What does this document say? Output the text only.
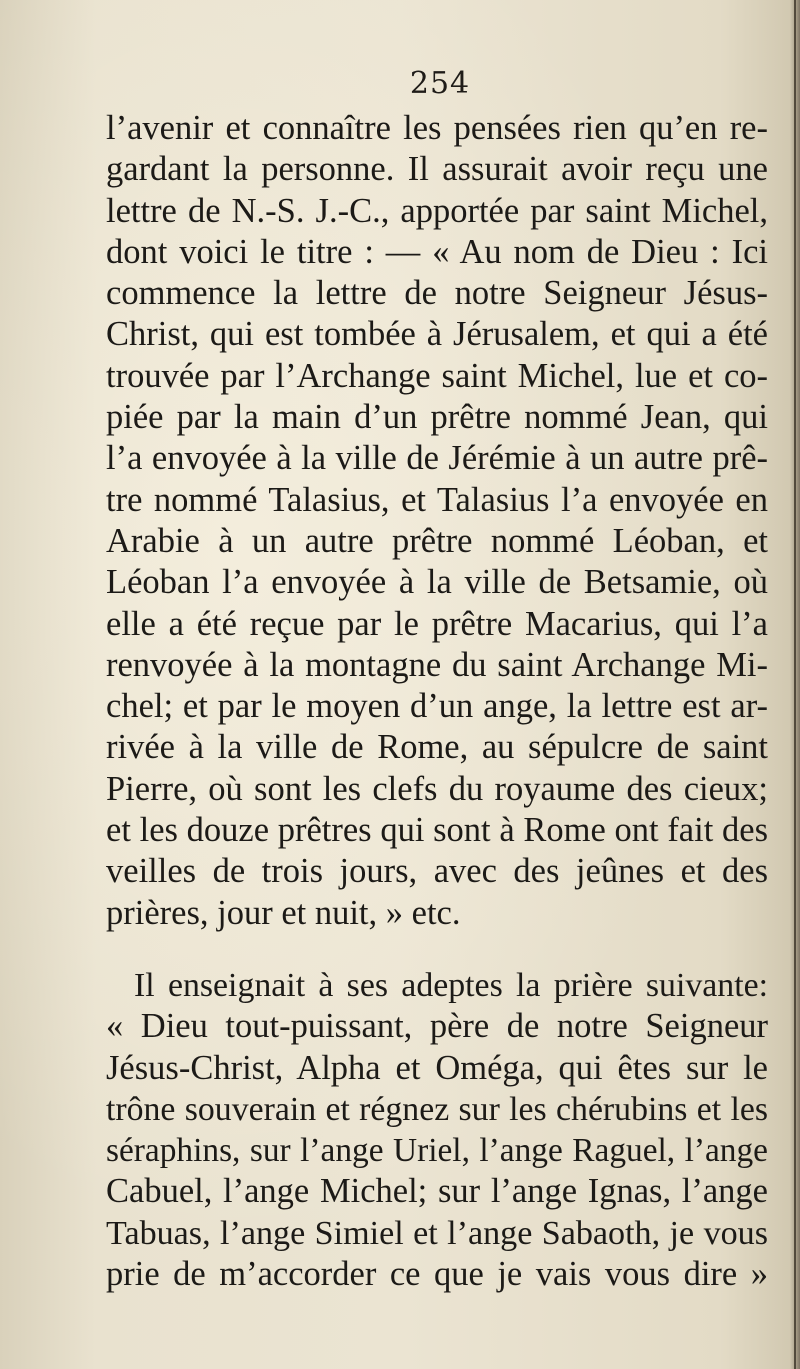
254
l’avenir et connaître les pensées rien qu’en re-
gardant la personne. Il assurait avoir reçu une
lettre de N.-S. J.-C., apportée par saint Michel,
dont voici le titre : — « Au nom de Dieu : Ici
commence la lettre de notre Seigneur Jésus-
Christ, qui est tombée à Jérusalem, et qui a été
trouvée par l’Archange saint Michel, lue et co-
piée par la main d’un prêtre nommé Jean, qui
l’a envoyée à la ville de Jérémie à un autre prê-
tre nommé Talasius, et Talasius l’a envoyée en
Arabie à un autre prêtre nommé Léoban, et
Léoban l’a envoyée à la ville de Betsamie, où
elle a été reçue par le prêtre Macarius, qui l’a
renvoyée à la montagne du saint Archange Mi-
chel; et par le moyen d’un ange, la lettre est ar-
rivée à la ville de Rome, au sépulcre de saint
Pierre, où sont les clefs du royaume des cieux;
et les douze prêtres qui sont à Rome ont fait des
veilles de trois jours, avec des jeûnes et des
prières, jour et nuit, » etc.
Il enseignait à ses adeptes la prière suivante:
« Dieu tout-puissant, père de notre Seigneur
Jésus-Christ, Alpha et Oméga, qui êtes sur le
trône souverain et régnez sur les chérubins et les
séraphins, sur l’ange Uriel, l’ange Raguel, l’ange
Cabuel, l’ange Michel; sur l’ange Ignas, l’ange
Tabuas, l’ange Simiel et l’ange Sabaoth, je vous
prie de m’accorder ce que je vais vous dire »
